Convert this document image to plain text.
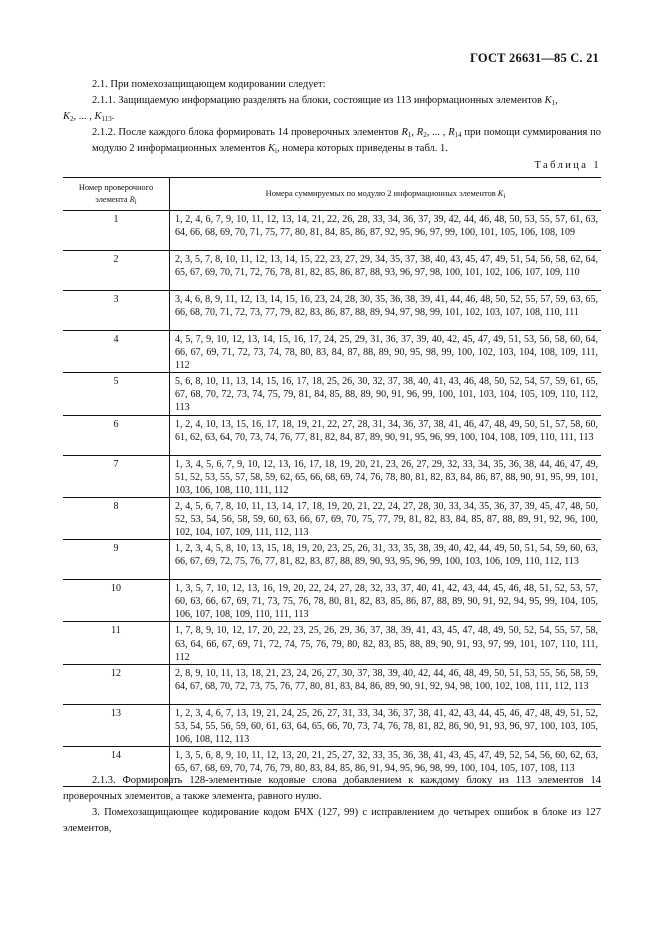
ГОСТ 26631—85 С. 21

2.1. При помехозащищающем кодировании следует:

2.1.1. Защищаемую информацию разделять на блоки, состоящие из 113 информационных элементов $K_1$,

$K_2$, ... , $K_{113}$.

2.1.2. После каждого блока формировать 14 проверочных элементов $R_1$, $R_2$, ... , $R_{14}$ при помощи суммирования по модулю 2 информационных элементов $K_i$, номера которых приведены в табл. 1.

Таблица 1
Номер проверочного
элемента $R_i$	Номера суммируемых по модулю 2 информационных элементов $K_i$
1	1, 2, 4, 6, 7, 9, 10, 11, 12, 13, 14, 21, 22, 26, 28, 33, 34, 36, 37, 39, 42, 44, 46, 48, 50, 53, 55, 57, 61, 63, 64, 66, 68, 69, 70, 71, 75, 77, 80, 81, 84, 85, 86, 87, 92, 95, 96, 97, 99, 100, 101, 105, 106, 108, 109
2	2, 3, 5, 7, 8, 10, 11, 12, 13, 14, 15, 22, 23, 27, 29, 34, 35, 37, 38, 40, 43, 45, 47, 49, 51, 54, 56, 58, 62, 64, 65, 67, 69, 70, 71, 72, 76, 78, 81, 82, 85, 86, 87, 88, 93, 96, 97, 98, 100, 101, 102, 106, 107, 109, 110
3	3, 4, 6, 8, 9, 11, 12, 13, 14, 15, 16, 23, 24, 28, 30, 35, 36, 38, 39, 41, 44, 46, 48, 50, 52, 55, 57, 59, 63, 65, 66, 68, 70, 71, 72, 73, 77, 79, 82, 83, 86, 87, 88, 89, 94, 97, 98, 99, 101, 102, 103, 107, 108, 110, 111
4	4, 5, 7, 9, 10, 12, 13, 14, 15, 16, 17, 24, 25, 29, 31, 36, 37, 39, 40, 42, 45, 47, 49, 51, 53, 56, 58, 60, 64, 66, 67, 69, 71, 72, 73, 74, 78, 80, 83, 84, 87, 88, 89, 90, 95, 98, 99, 100, 102, 103, 104, 108, 109, 111, 112
5	5, 6, 8, 10, 11, 13, 14, 15, 16, 17, 18, 25, 26, 30, 32, 37, 38, 40, 41, 43, 46, 48, 50, 52, 54, 57, 59, 61, 65, 67, 68, 70, 72, 73, 74, 75, 79, 81, 84, 85, 88, 89, 90, 91, 96, 99, 100, 101, 103, 104, 105, 109, 110, 112, 113
6	1, 2, 4, 10, 13, 15, 16, 17, 18, 19, 21, 22, 27, 28, 31, 34, 36, 37, 38, 41, 46, 47, 48, 49, 50, 51, 57, 58, 60, 61, 62, 63, 64, 70, 73, 74, 76, 77, 81, 82, 84, 87, 89, 90, 91, 95, 96, 99, 100, 104, 108, 109, 110, 111, 113
7	1, 3, 4, 5, 6, 7, 9, 10, 12, 13, 16, 17, 18, 19, 20, 21, 23, 26, 27, 29, 32, 33, 34, 35, 36, 38, 44, 46, 47, 49, 51, 52, 53, 55, 57, 58, 59, 62, 65, 66, 68, 69, 74, 76, 78, 80, 81, 82, 83, 84, 86, 87, 88, 90, 91, 95, 99, 101, 103, 106, 108, 110, 111, 112
8	2, 4, 5, 6, 7, 8, 10, 11, 13, 14, 17, 18, 19, 20, 21, 22, 24, 27, 28, 30, 33, 34, 35, 36, 37, 39, 45, 47, 48, 50, 52, 53, 54, 56, 58, 59, 60, 63, 66, 67, 69, 70, 75, 77, 79, 81, 82, 83, 84, 85, 87, 88, 89, 91, 92, 96, 100, 102, 104, 107, 109, 111, 112, 113
9	1, 2, 3, 4, 5, 8, 10, 13, 15, 18, 19, 20, 23, 25, 26, 31, 33, 35, 38, 39, 40, 42, 44, 49, 50, 51, 54, 59, 60, 63, 66, 67, 69, 72, 75, 76, 77, 81, 82, 83, 87, 88, 89, 90, 93, 95, 96, 99, 100, 103, 106, 109, 110, 112, 113
10	1, 3, 5, 7, 10, 12, 13, 16, 19, 20, 22, 24, 27, 28, 32, 33, 37, 40, 41, 42, 43, 44, 45, 46, 48, 51, 52, 53, 57, 60, 63, 66, 67, 69, 71, 73, 75, 76, 78, 80, 81, 82, 83, 85, 86, 87, 88, 89, 90, 91, 92, 94, 95, 99, 104, 105, 106, 107, 108, 109, 110, 111, 113
11	1, 7, 8, 9, 10, 12, 17, 20, 22, 23, 25, 26, 29, 36, 37, 38, 39, 41, 43, 45, 47, 48, 49, 50, 52, 54, 55, 57, 58, 63, 64, 66, 67, 69, 71, 72, 74, 75, 76, 79, 80, 82, 83, 85, 88, 89, 90, 91, 93, 97, 99, 101, 107, 110, 111, 112
12	2, 8, 9, 10, 11, 13, 18, 21, 23, 24, 26, 27, 30, 37, 38, 39, 40, 42, 44, 46, 48, 49, 50, 51, 53, 55, 56, 58, 59, 64, 67, 68, 70, 72, 73, 75, 76, 77, 80, 81, 83, 84, 86, 89, 90, 91, 92, 94, 98, 100, 102, 108, 111, 112, 113
13	1, 2, 3, 4, 6, 7, 13, 19, 21, 24, 25, 26, 27, 31, 33, 34, 36, 37, 38, 41, 42, 43, 44, 45, 46, 47, 48, 49, 51, 52, 53, 54, 55, 56, 59, 60, 61, 63, 64, 65, 66, 70, 73, 74, 76, 78, 81, 82, 86, 90, 91, 93, 96, 97, 100, 103, 105, 106, 108, 112, 113
14	1, 3, 5, 6, 8, 9, 10, 11, 12, 13, 20, 21, 25, 27, 32, 33, 35, 36, 38, 41, 43, 45, 47, 49, 52, 54, 56, 60, 62, 63, 65, 67, 68, 69, 70, 74, 76, 79, 80, 83, 84, 85, 86, 91, 94, 95, 96, 98, 99, 100, 104, 105, 107, 108, 113

2.1.3. Формировать 128-элементные кодовые слова добавлением к каждому блоку из 113 элементов 14 проверочных элементов, а также элемента, равного нулю.

3. Помехозащищающее кодирование кодом БЧХ (127, 99) с исправлением до четырех ошибок в блоке из 127 элементов,
